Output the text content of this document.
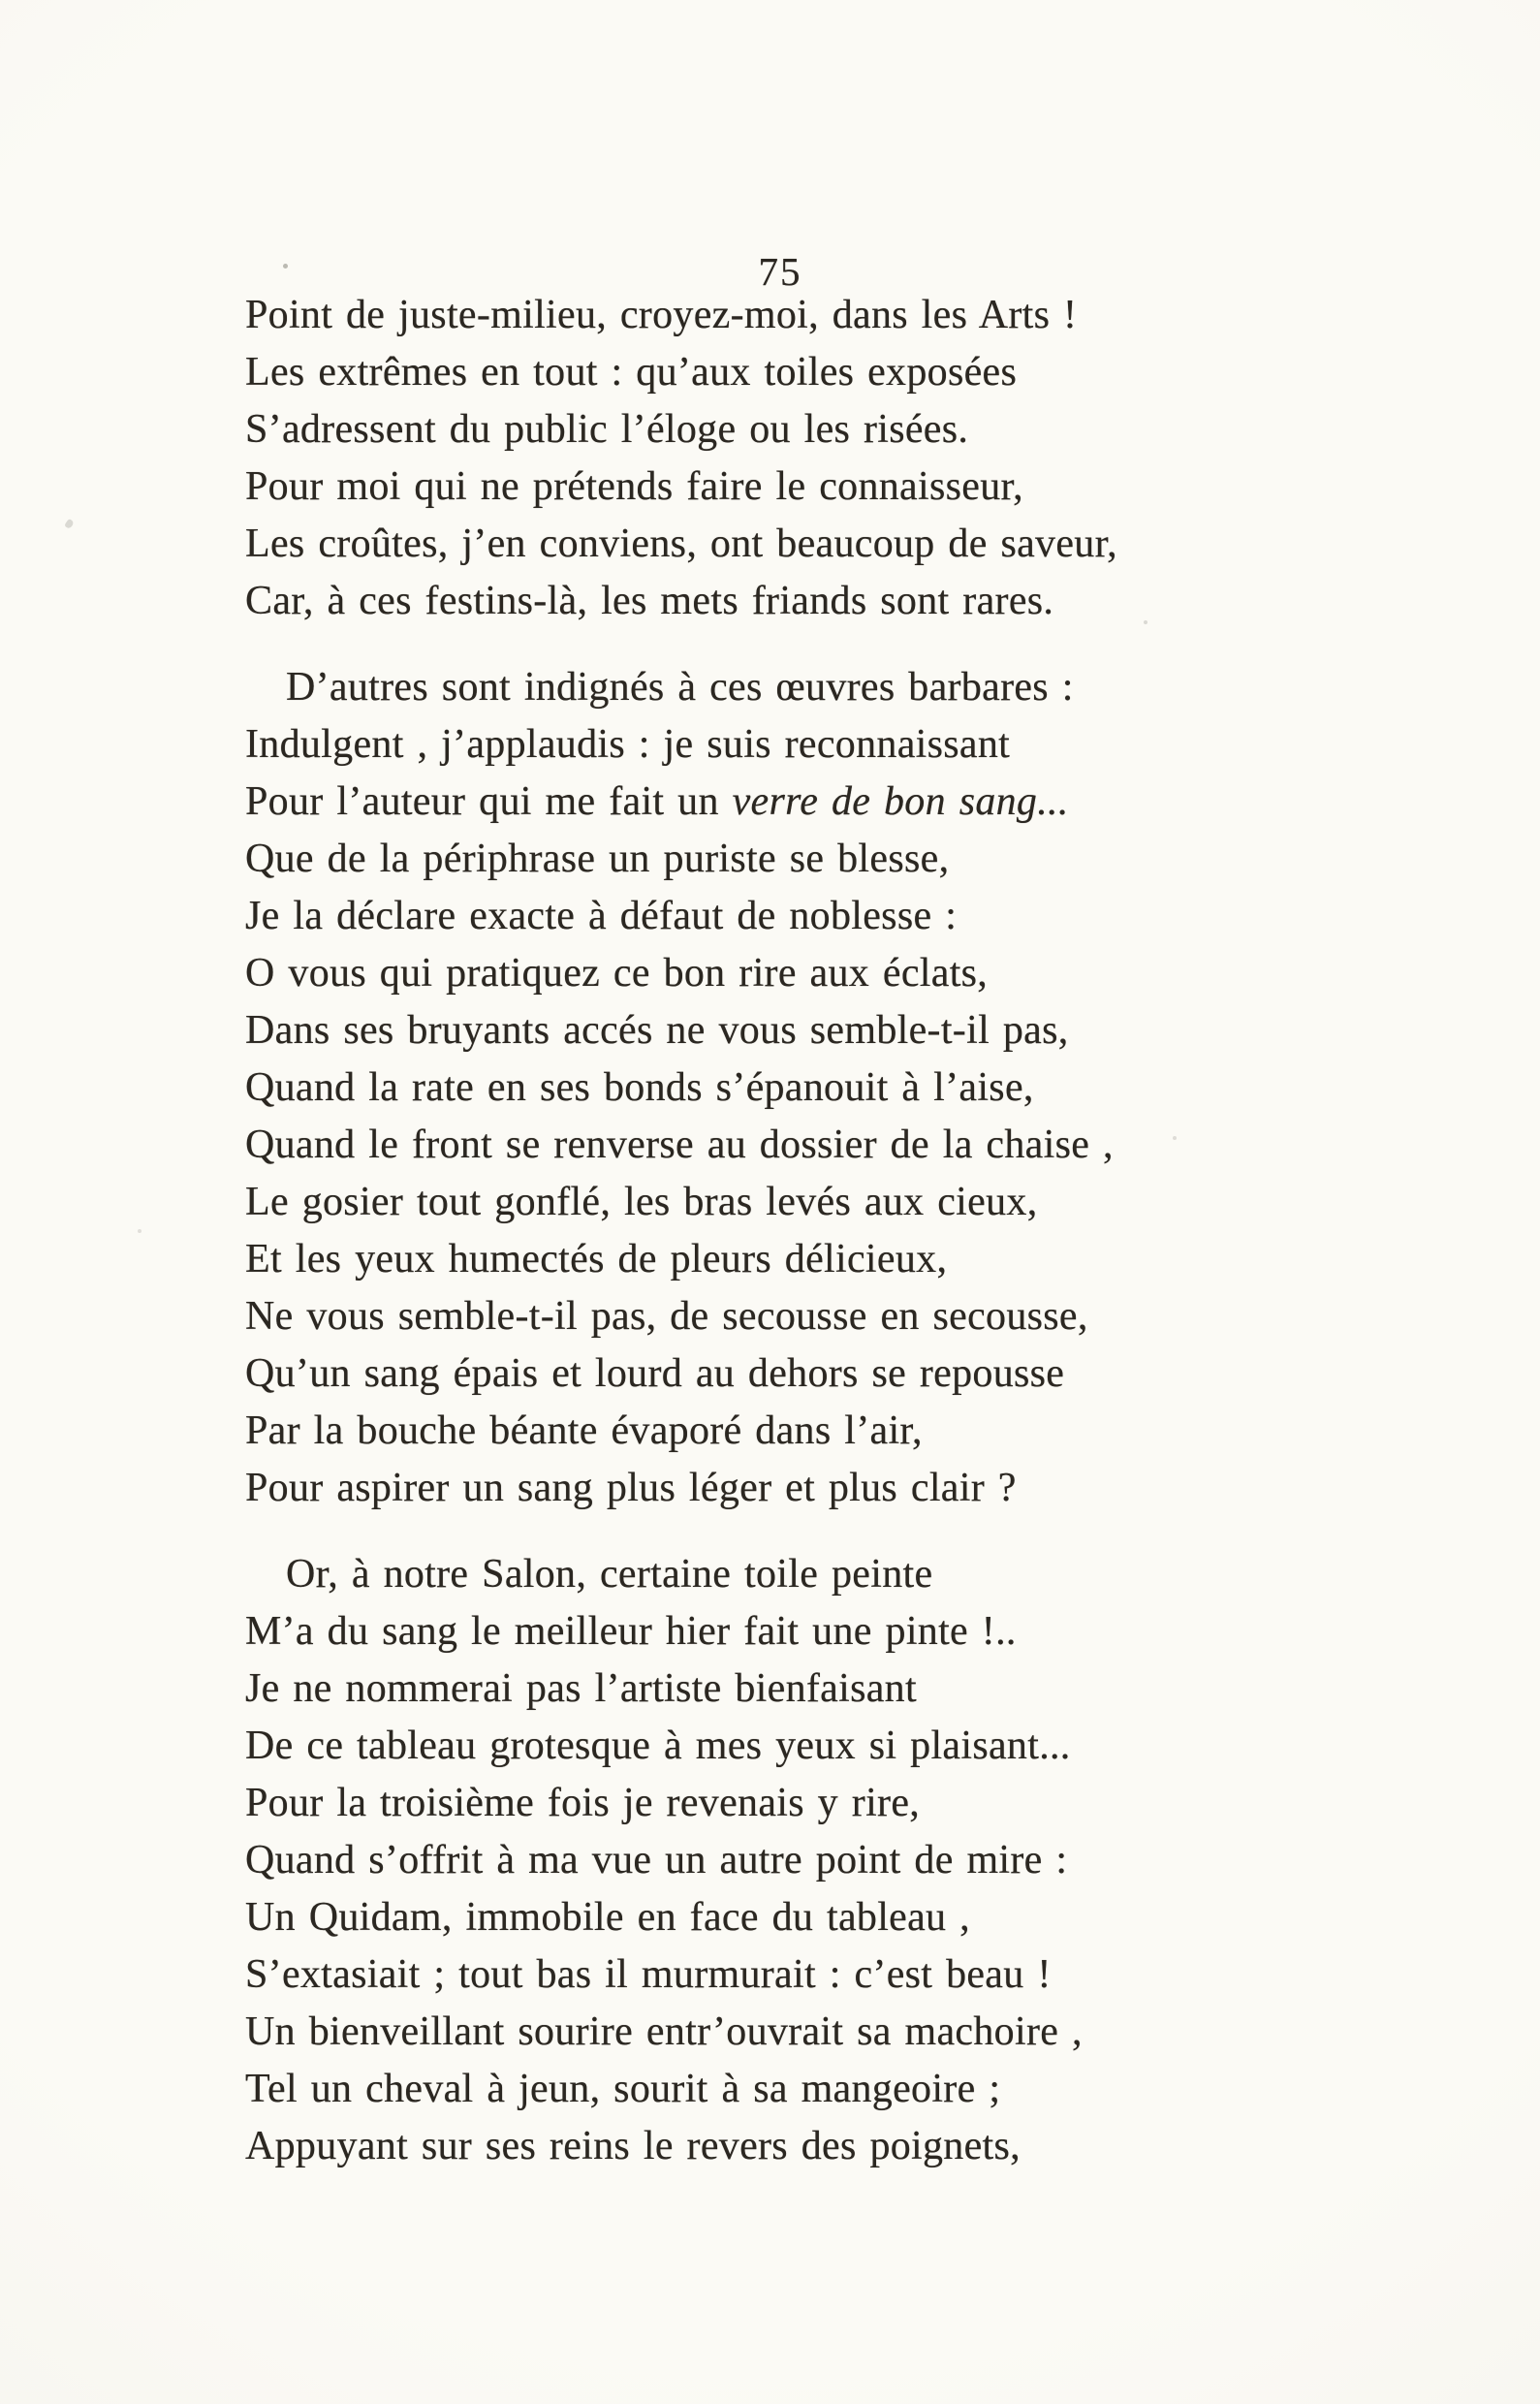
75
Point de juste-milieu, croyez-moi, dans les Arts !
Les extrêmes en tout : qu’aux toiles exposées
S’adressent du public l’éloge ou les risées.
Pour moi qui ne prétends faire le connaisseur,
Les croûtes, j’en conviens, ont beaucoup de saveur,
Car, à ces festins-là, les mets friands sont rares.
D’autres sont indignés à ces œuvres barbares :
Indulgent , j’applaudis : je suis reconnaissant
Pour l’auteur qui me fait un verre de bon sang...
Que de la périphrase un puriste se blesse,
Je la déclare exacte à défaut de noblesse :
O vous qui pratiquez ce bon rire aux éclats,
Dans ses bruyants accés ne vous semble-t-il pas,
Quand la rate en ses bonds s’épanouit à l’aise,
Quand le front se renverse au dossier de la chaise ,
Le gosier tout gonflé, les bras levés aux cieux,
Et les yeux humectés de pleurs délicieux,
Ne vous semble-t-il pas, de secousse en secousse,
Qu’un sang épais et lourd au dehors se repousse
Par la bouche béante évaporé dans l’air,
Pour aspirer un sang plus léger et plus clair ?
Or, à notre Salon, certaine toile peinte
M’a du sang le meilleur hier fait une pinte !..
Je ne nommerai pas l’artiste bienfaisant
De ce tableau grotesque à mes yeux si plaisant...
Pour la troisième fois je revenais y rire,
Quand s’offrit à ma vue un autre point de mire :
Un Quidam, immobile en face du tableau ,
S’extasiait ; tout bas il murmurait : c’est beau !
Un bienveillant sourire entr’ouvrait sa machoire ,
Tel un cheval à jeun, sourit à sa mangeoire ;
Appuyant sur ses reins le revers des poignets,
